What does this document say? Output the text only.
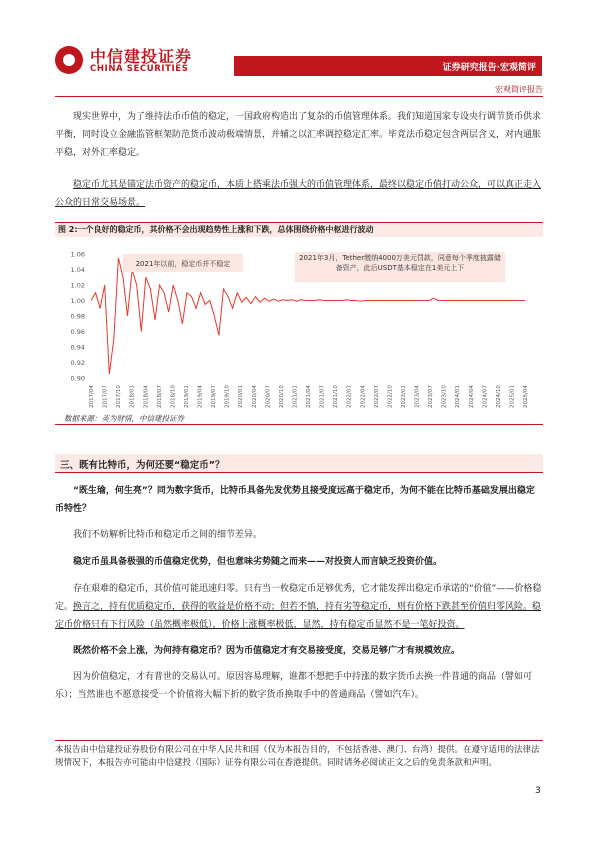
中信建投证券
CHINA SECURITIES	证券研究报告·宏观简评
宏观简评报告

现实世界中，为了维持法币币值的稳定，一国政府构造出了复杂的币值管理体系。我们知道国家专设央行调节货币供求平衡，同时设立金融监管框架防范货币波动极端情景，并辅之以汇率调控稳定汇率。毕竟法币稳定包含两层含义，对内通胀平稳，对外汇率稳定。

稳定币尤其是锚定法币资产的稳定币，本质上搭乘法币强大的币值管理体系，最终以稳定币值打动公众，可以真正走入公众的日常交易场景。

图 2:一个良好的稳定币，其价格不会出现趋势性上涨和下跌，总体围绕价格中枢进行波动
1.06
1.04
1.02
1.00
0.98
0.96
0.94
0.92
0.90
2017/04 2017/07 2017/10 2018/01 2018/04 2018/07 2018/10 2019/01 2019/04 2019/07 2019/10 2020/01 2020/04 2020/07 2020/10 2021/01 2021/04 2021/07 2021/10 2022/01 2022/04 2022/07 2022/10 2023/01 2023/04 2023/07 2023/10 2024/01 2024/04 2024/07 2024/10 2025/01 2025/04
2021年以前，稳定币并不稳定
2021年3月，Tether缴纳4000万美元罚款，同意每个季度披露储备资产，此后USDT基本稳定在1美元上下
数据来源：英为财情，中信建投证券
三、既有比特币，为何还要“稳定币”？

“既生瑜，何生亮”？同为数字货币，比特币具备先发优势且接受度远高于稳定币，为何不能在比特币基础发展出稳定币特性？

我们不妨解析比特币和稳定币之间的细节差异。

稳定币虽具备极强的币值稳定优势，但也意味劣势随之而来——对投资人而言缺乏投资价值。

存在艰难的稳定币，其价值可能迅速归零。只有当一枚稳定币足够优秀，它才能发挥出稳定币承诺的“价值”——价格稳定。换言之，持有优质稳定币，获得的收益是价格不动；但若不慎，持有劣等稳定币，则有价格下跌甚至价值归零风险。稳定币价格只有下行风险（虽然概率极低），价格上涨概率极低，显然，持有稳定币显然不是一笔好投资。

既然价格不会上涨，为何持有稳定币？因为币值稳定才有交易接受度，交易足够广才有规模效应。

因为价值稳定，才有普世的交易认可。原因容易理解，谁都不想把手中持涨的数字货币去换一件普通的商品（譬如可乐）；当然谁也不愿意接受一个价值将大幅下折的数字货币换取手中的普通商品（譬如汽车）。

本报告由中信建投证券股份有限公司在中华人民共和国（仅为本报告目的，不包括香港、澳门、台湾）提供。在遵守适用的法律法规情况下，本报告亦可能由中信建投（国际）证券有限公司在香港提供。同时请务必阅读正文之后的免责条款和声明。
3
